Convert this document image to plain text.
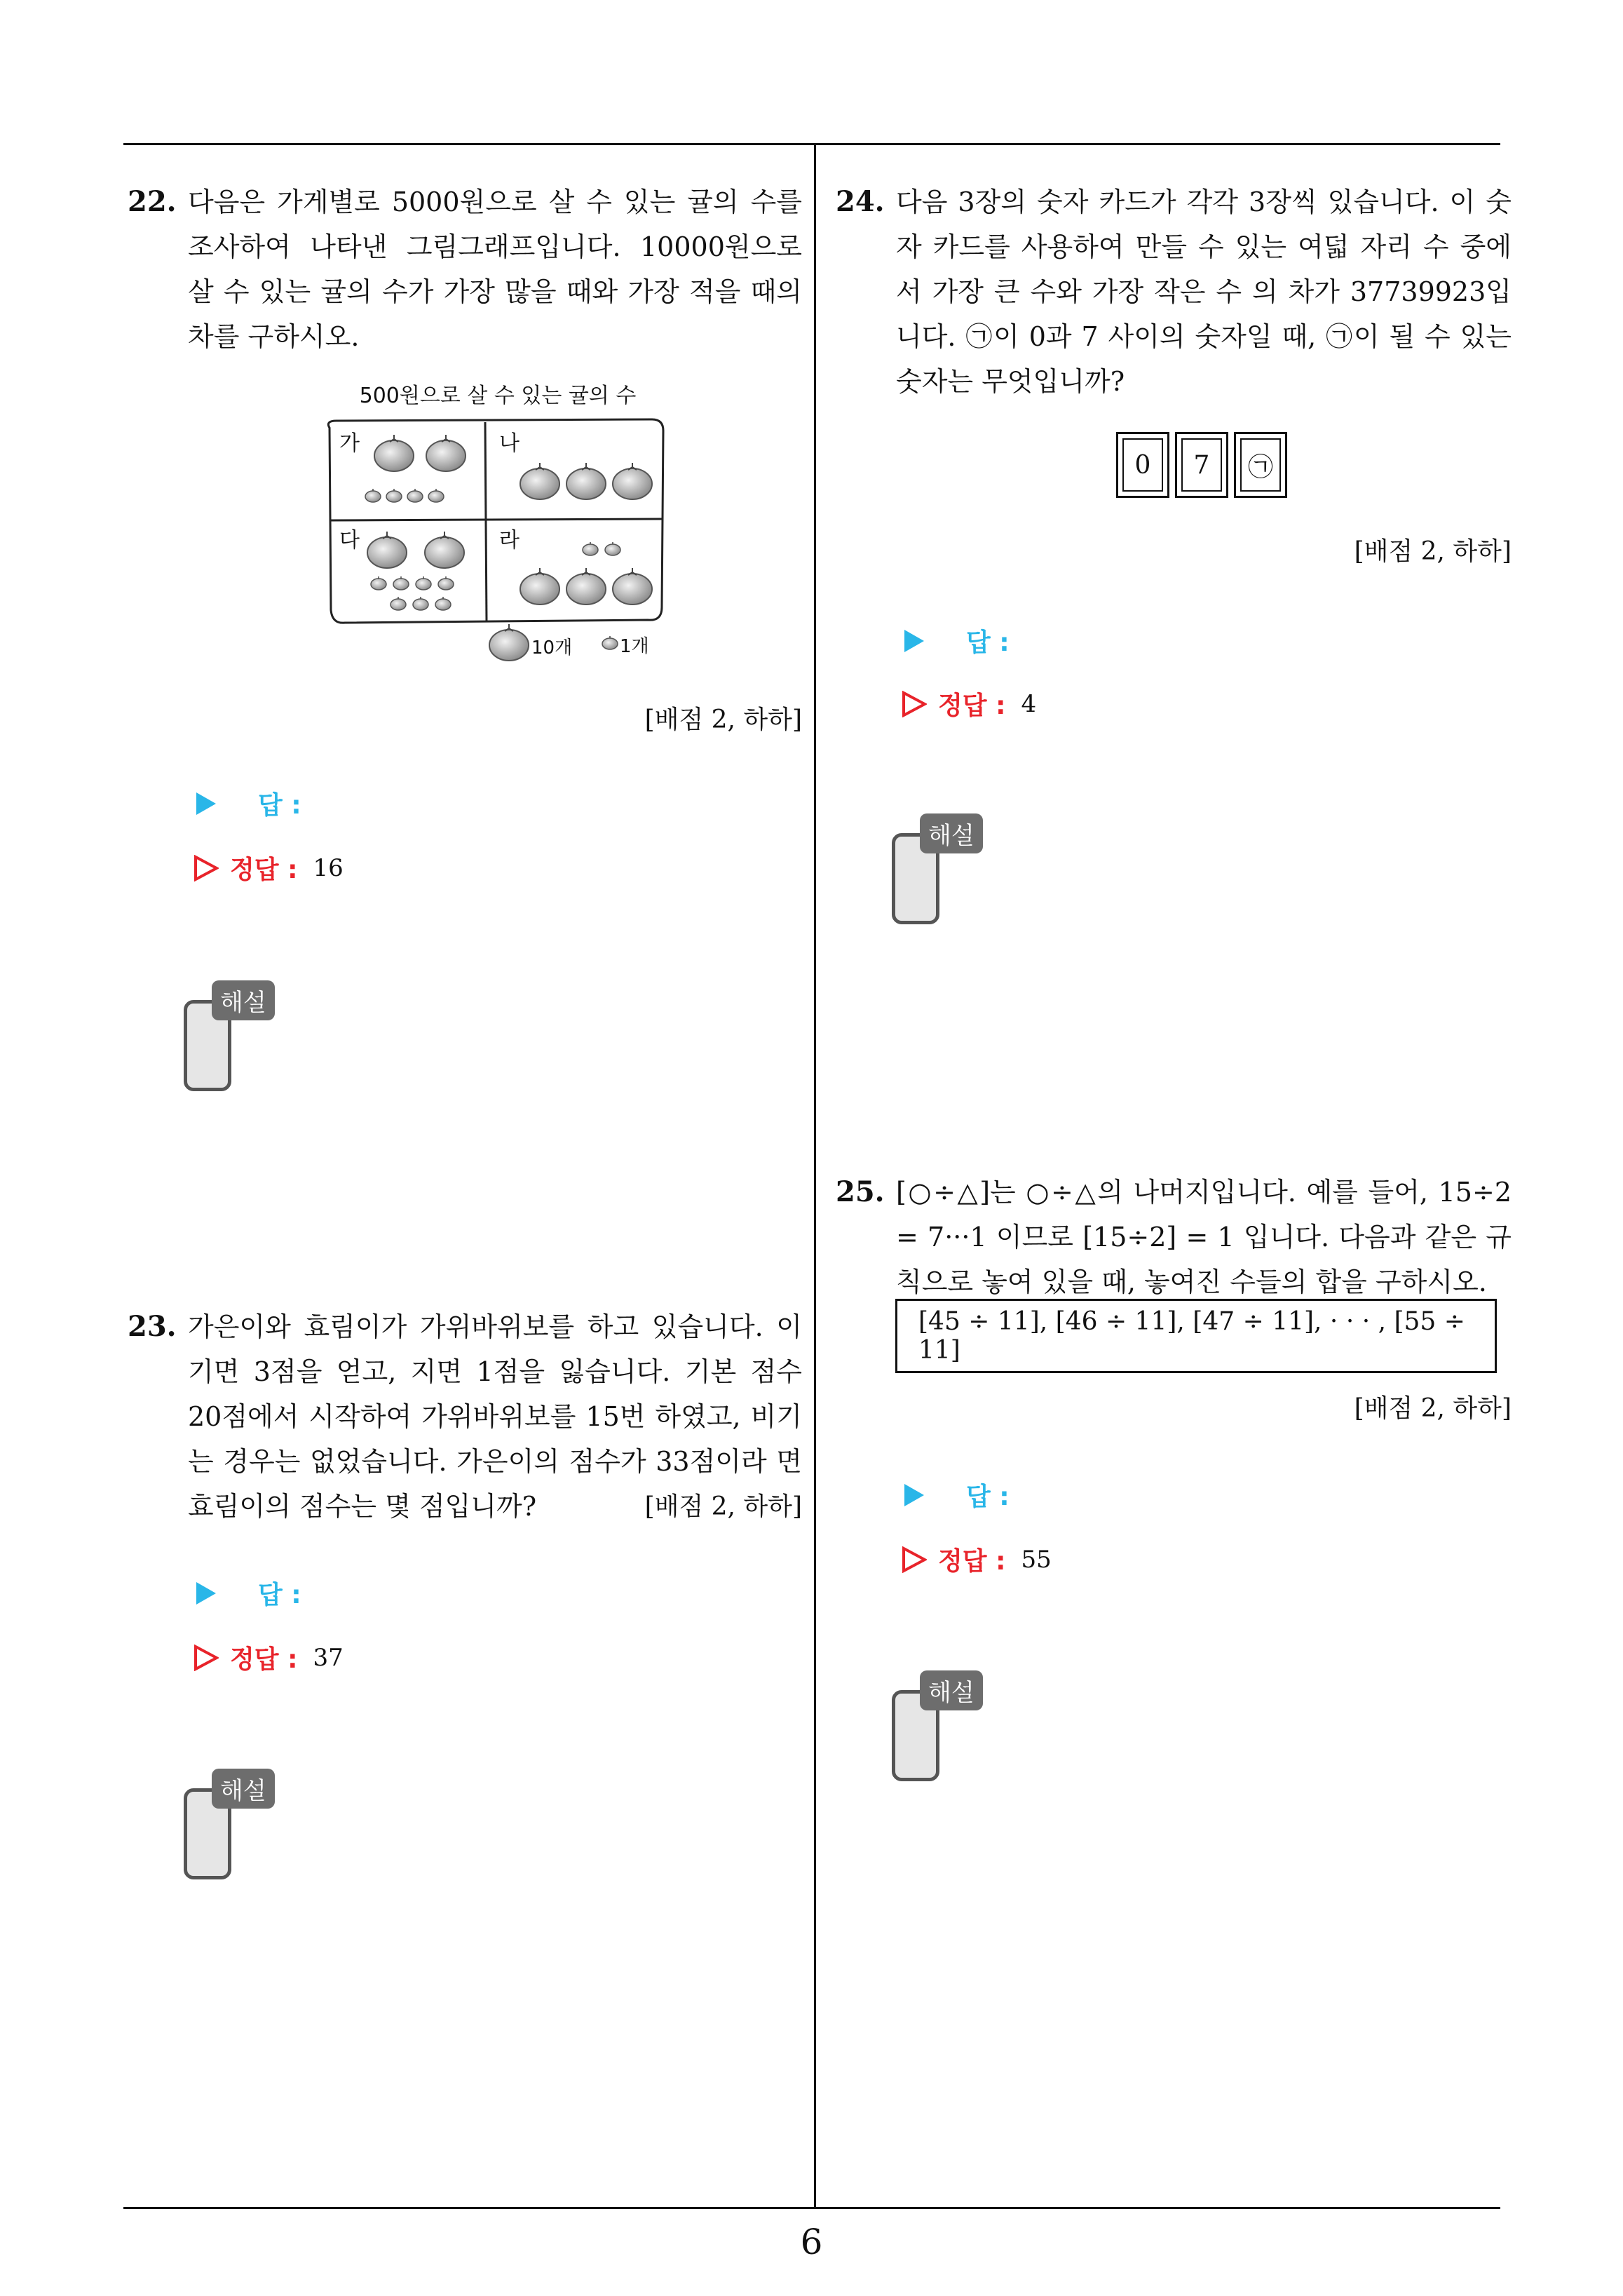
22. 다음은 가게별로 5000원으로 살 수 있는 귤의 수를 조사하여 나타낸 그림그래프입니다. 10000원으로 살 수 있는 귤의 수가 가장 많을 때와 가장 적을 때의 차를 구하시오.

500원으로 살 수 있는 귤의 수
가	나
다	라
10개	1개
[배점 2, 하하]
답 :
정답 : 16
해설
23. 가은이와 효림이가 가위바위보를 하고 있습니다. 이기면 3점을 얻고, 지면 1점을 잃습니다. 기본 점수 20점에서 시작하여 가위바위보를 15번 하였고, 비기는 경우는 없었습니다. 가은이의 점수가 33점이라 면 효림이의 점수는 몇 점입니까?	[배점 2, 하하]
답 :
정답 : 37
해설
24. 다음 3장의 숫자 카드가 각각 3장씩 있습니다. 이 숫자 카드를 사용하여 만들 수 있는 여덟 자리 수 중에서 가장 큰 수와 가장 작은 수 의 차가 37739923입니다. ㉠이 0과 7 사이의 숫자일 때, ㉠이 될 수 있는 숫자는 무엇입니까?

0	7	㉠
[배점 2, 하하]
답 :
정답 : 4
해설
25. [○÷△]는 ○÷△의 나머지입니다. 예를 들어, 15÷2 = 7···1 이므로 [15÷2] = 1 입니다. 다음과 같은 규칙으로 놓여 있을 때, 놓여진 수들의 합을 구하시오.

[45 ÷ 11], [46 ÷ 11], [47 ÷ 11], · · · , [55 ÷ 11]
[배점 2, 하하]
답 :
정답 : 55
해설
6
